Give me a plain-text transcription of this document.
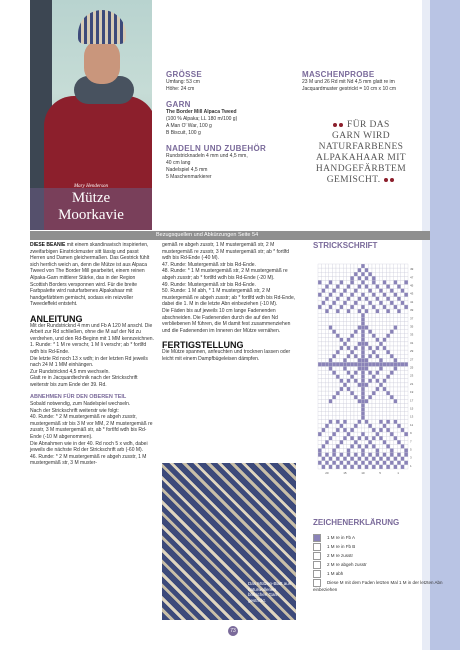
Mary Henderson
Mütze
Moorkavie
Bezugsquellen und Abkürzungen Seite 54
GRÖSSE
Umfang: 53 cm
Höhe: 24 cm
GARN
The Border Mill Alpaca Tweed
(100 % Alpaka; LL 180 m/100 g)
A Man O' War, 100 g
B Biscuit, 100 g
NADELN UND ZUBEHÖR
Rundstricknadeln 4 mm und 4,5 mm,
40 cm lang
Nadelspiel 4,5 mm
5 Maschenmarkierer
MASCHENPROBE
23 M und 26 Rd mit Nd 4,5 mm glatt re im
Jacquardmuster gestrickt = 10 cm x 10 cm
FÜR DAS
GARN WIRD
NATURFARBENES
ALPAKAHAAR MIT
HANDGEFÄRBTEM
GEMISCHT.
DIESE BEANIE mit einem skandinavisch inspirierten, zweifarbigen Einstrickmuster sitt lässig und passt Herren und Damen gleichermaßen. Das Gestrick fühlt sich herrlich weich an, denn die Mütze ist aus Alpaca Tweed von The Border Mill gearbeitet, einem reinen Alpaka-Garn mittlerer Stärke, das in der Region Scottish Borders versponnen wird. Für die breite Farbpalette wird naturfarbenes Alpakahaar mit handgefärbtem gemischt, sodass ein reizvoller Tweedeffekt entsteht.
ANLEITUNG
Mit der Rundstricknd 4 mm und Fb A 120 M anschl. Die Arbeit zur Rd schließen, ohne die M auf der Nd zu verdrehen, und den Rd-Beginn mit 1 MM kennzeichnen.
1. Runde: * 1 M re verschr, 1 M li verschr; ab * fortlfd wdh bis Rd-Ende.
Die letzte Rd noch 13 x wdh; in der letzten Rd jeweils nach 24 M 1 MM einhängen.
Zur Rundstricknd 4,5 mm wechseln.
Glatt re in Jacquardtechnik nach der Strickschrift weiterstr bis zum Ende der 39. Rd.
ABNEHMEN FÜR DEN OBEREN TEIL
Sobald notwendig, zum Nadelspiel wechseln.
Nach der Strickschrift weiterstr wie folgt:
40. Runde: * 2 M mustergemäß re abgeh zusstr, mustergemäß str bis 3 M vor MM, 2 M mustergemäß re zusstr, 3 M mustergemäß str, ab * fortlfd wdh bis Rd-Ende (-10 M abgenommen).
Die Abnahmen wie in der 40. Rd noch 5 x wdh, dabei jeweils die nächste Rd der Strickschrift arb (-60 M).
46. Runde: * 2 M mustergemäß re abgeh zusstr, 1 M mustergemäß str, 3 M muster-
gemäß re abgeh zusstr, 1 M mustergemäß str, 2 M mustergemäß re zusstr, 3 M mustergemäß str; ab * fortlfd wdh bis Rd-Ende (-40 M).
47. Runde: Mustergemäß str bis Rd-Ende.
48. Runde: * 1 M mustergemäß str, 2 M mustergemäß re abgeh zusstr; ab * fortlfd wdh bis Rd-Ende (-20 M).
49. Runde: Mustergemäß str bis Rd-Ende.
50. Runde: 1 M abh, * 1 M mustergemäß str, 2 M mustergemäß re abgeh zusstr; ab * fortlfd wdh bis Rd-Ende, dabei die 1. M in die letzte Abn einbeziehen (-10 M).
Die Fäden bis auf jeweils 10 cm lange Fadenenden abschneiden. Die Fadenenden durch die auf den Nd verbliebenen M führen, die M damit fest zusammenziehen und die Fadenenden im Inneren der Mütze vernähen.
FERTIGSTELLUNG
Die Mütze spannen, anfeuchten und trocknen lassen oder leicht mit einem Dampfbügeleisen dämpfen.
Das Mützen-Blatt aus naturwollenen britischen Garn gestrickt.
STRICKSCHRIFT
49
47
45
43
41
39
37
35
33
31
29
27
25
23
21
19
17
15
13
11
9
7
5
3
1
20	15	10	5	1
ZEICHENERKLÄRUNG
1 M re in Fb A
1 M re in Fb B
2 M re zusstr
2 M re abgeh zusstr
1 M abh
Diese M mit dem Faden letzten Mal 1 M in der letzten Abn einbeziehen
73
